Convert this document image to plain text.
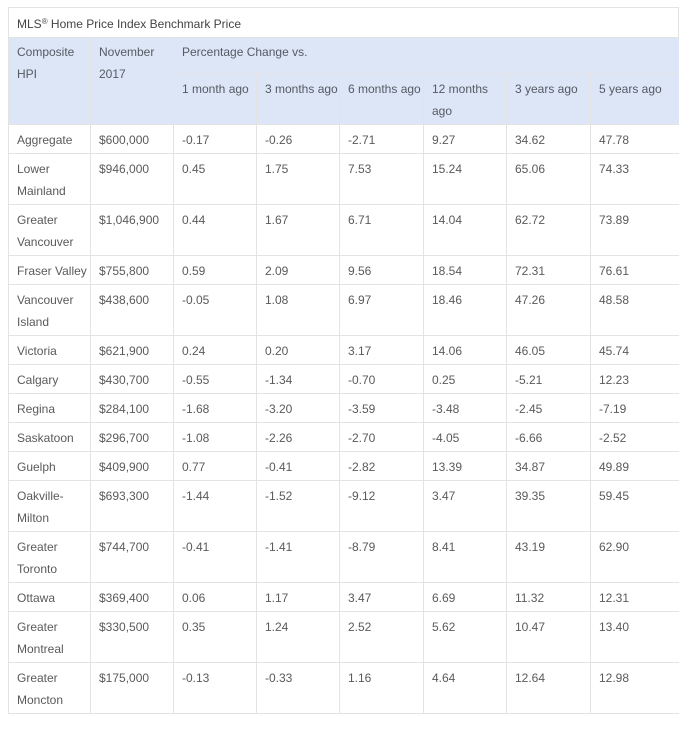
MLS® Home Price Index Benchmark Price
Composite HPI	November 2017	Percentage Change vs.					
		1 month ago	3 months ago	6 months ago	12 months ago	3 years ago	5 years ago
Aggregate	$600,000	-0.17	-0.26	-2.71	9.27	34.62	47.78
Lower Mainland	$946,000	0.45	1.75	7.53	15.24	65.06	74.33
Greater Vancouver	$1,046,900	0.44	1.67	6.71	14.04	62.72	73.89
Fraser Valley	$755,800	0.59	2.09	9.56	18.54	72.31	76.61
Vancouver Island	$438,600	-0.05	1.08	6.97	18.46	47.26	48.58
Victoria	$621,900	0.24	0.20	3.17	14.06	46.05	45.74
Calgary	$430,700	-0.55	-1.34	-0.70	0.25	-5.21	12.23
Regina	$284,100	-1.68	-3.20	-3.59	-3.48	-2.45	-7.19
Saskatoon	$296,700	-1.08	-2.26	-2.70	-4.05	-6.66	-2.52
Guelph	$409,900	0.77	-0.41	-2.82	13.39	34.87	49.89
Oakville-Milton	$693,300	-1.44	-1.52	-9.12	3.47	39.35	59.45
Greater Toronto	$744,700	-0.41	-1.41	-8.79	8.41	43.19	62.90
Ottawa	$369,400	0.06	1.17	3.47	6.69	11.32	12.31
Greater Montreal	$330,500	0.35	1.24	2.52	5.62	10.47	13.40
Greater Moncton	$175,000	-0.13	-0.33	1.16	4.64	12.64	12.98
